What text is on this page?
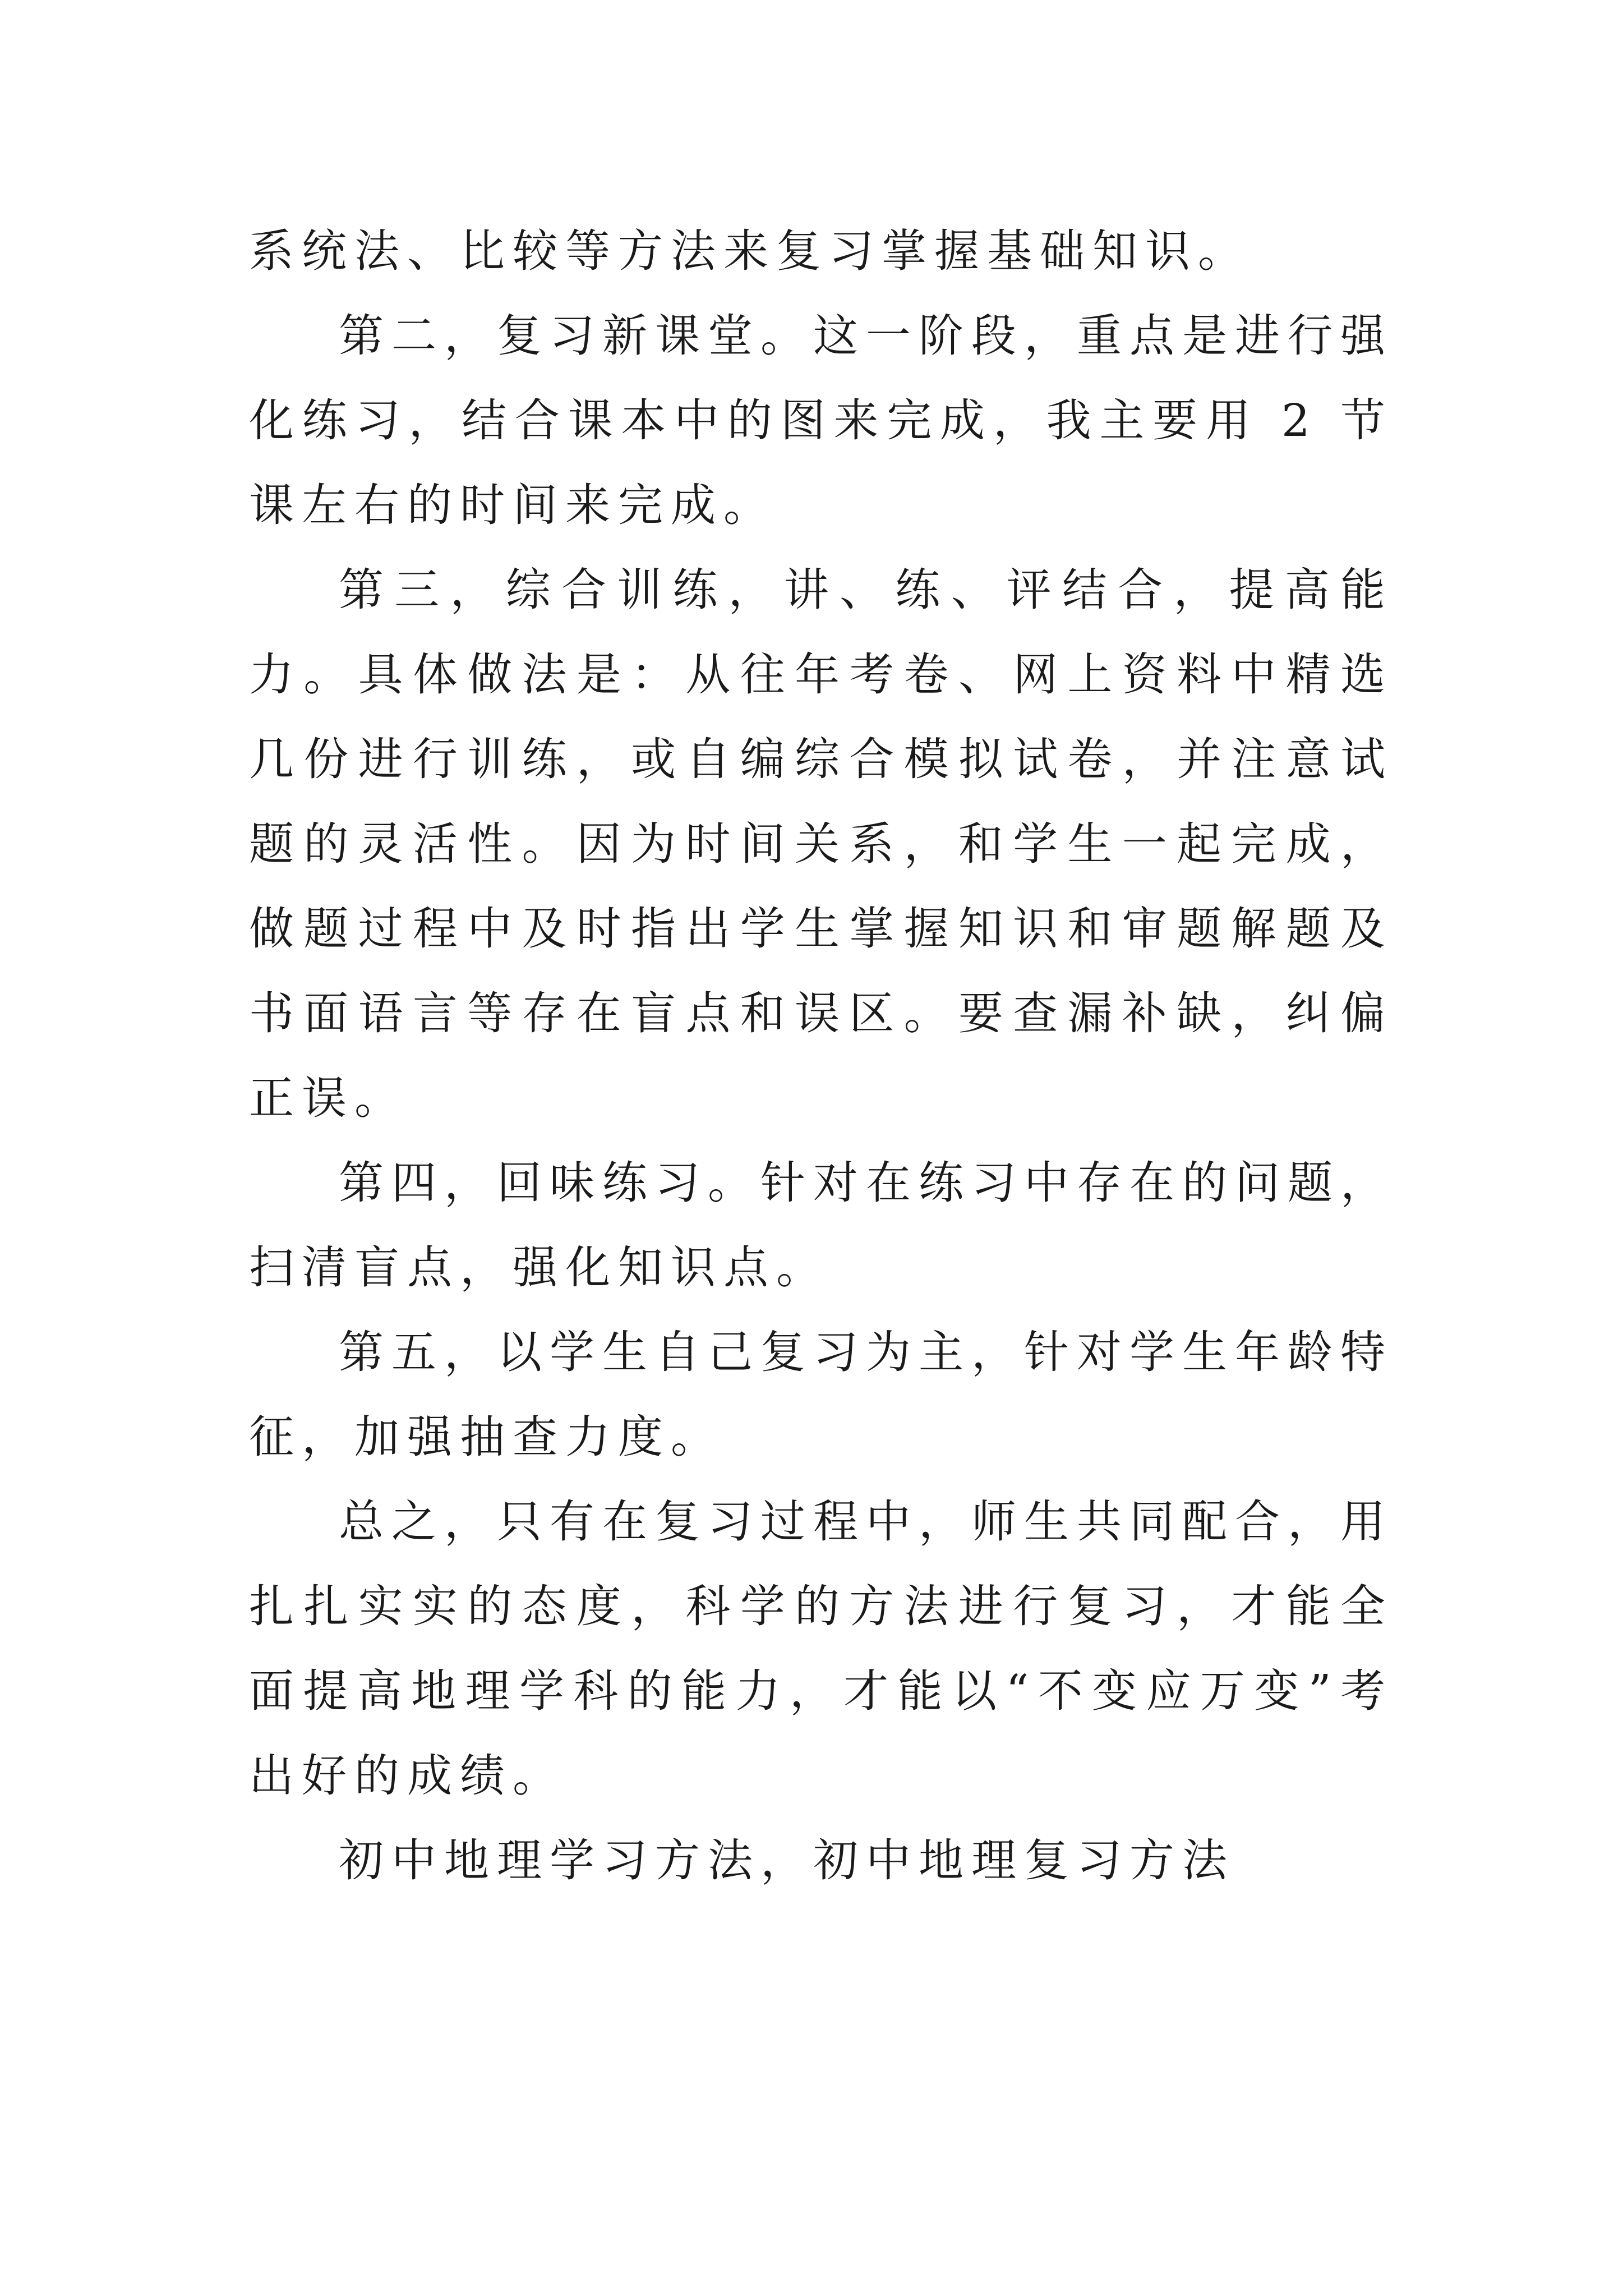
系统法、比较等方法来复习掌握基础知识。

第二，复习新课堂。这一阶段，重点是进行强化练习，结合课本中的图来完成，我主要用 2 节课左右的时间来完成。

第三，综合训练，讲、练、评结合，提高能力。具体做法是：从往年考卷、网上资料中精选几份进行训练，或自编综合模拟试卷，并注意试题的灵活性。因为时间关系，和学生一起完成，做题过程中及时指出学生掌握知识和审题解题及书面语言等存在盲点和误区。要查漏补缺，纠偏正误。

第四，回味练习。针对在练习中存在的问题，扫清盲点，强化知识点。

第五，以学生自己复习为主，针对学生年龄特征，加强抽查力度。

总之，只有在复习过程中，师生共同配合，用扎扎实实的态度，科学的方法进行复习，才能全面提高地理学科的能力，才能以“不变应万变”考出好的成绩。

初中地理学习方法，初中地理复习方法
